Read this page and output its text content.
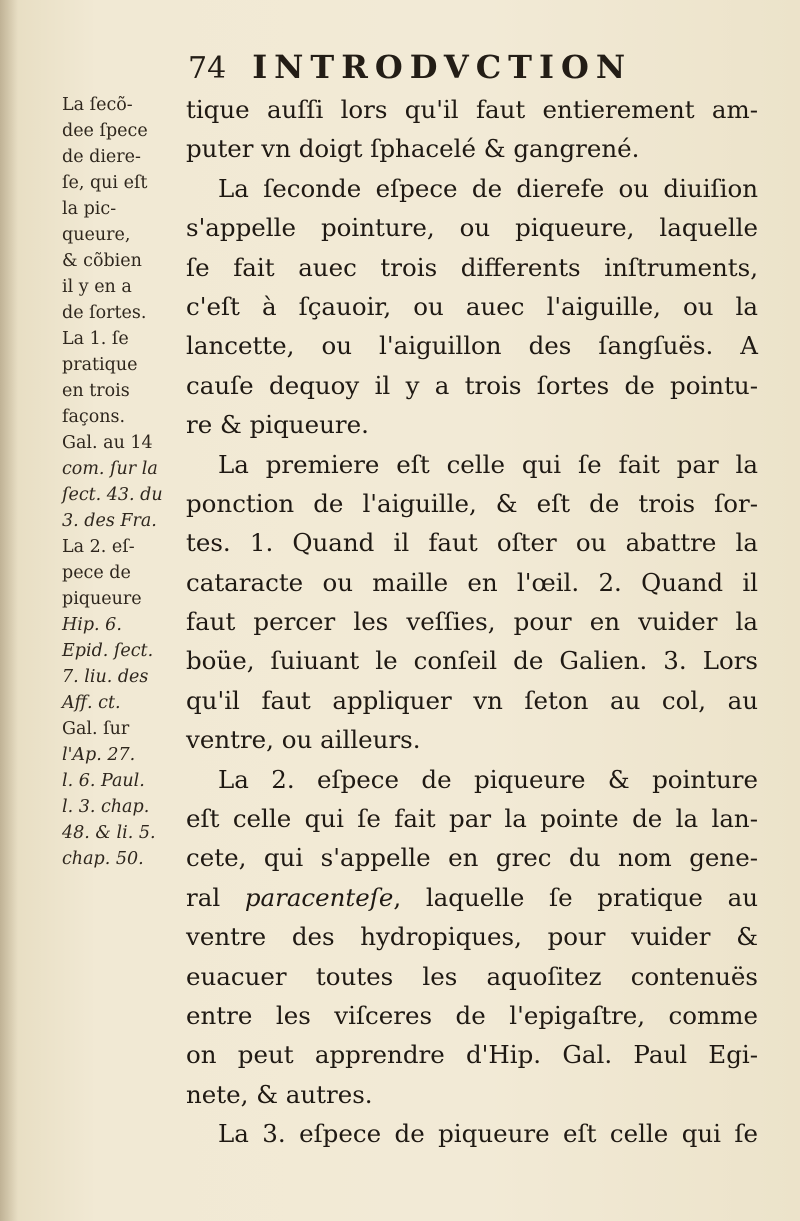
74 INTRODVCTION
La ſecõ-
dee ſpece
de diere-
ſe, qui eſt
la pic-
queure,
& cõbien
il y en a
de ſortes.
La 1. ſe
pratique
en trois
façons.
Gal. au 14
com. ſur la
ſect. 43. du
3. des Fra.
La 2. eſ-
pece de
piqueure
Hip. 6.
Epid. ſect.
7. liu. des
Aff. ct.
Gal. ſur
l'Ap. 27.
l. 6. Paul.
l. 3. chap.
48. & li. 5.
chap. 50.
tique auſſi lors qu'il faut entierement am-
puter vn doigt ſphacelé & gangrené.
La ſeconde eſpece de dierefe ou diuiſion
s'appelle pointure, ou piqueure, laquelle
ſe fait auec trois differents inſtruments,
c'eſt à ſçauoir, ou auec l'aiguille, ou la
lancette, ou l'aiguillon des ſangſuës. A
cauſe dequoy il y a trois ſortes de pointu-
re & piqueure.
La premiere eſt celle qui ſe fait par la
ponction de l'aiguille, & eſt de trois ſor-
tes. 1. Quand il faut oſter ou abattre la
cataracte ou maille en l'œil. 2. Quand il
faut percer les veſſies, pour en vuider la
boüe, ſuiuant le conſeil de Galien. 3. Lors
qu'il faut appliquer vn ſeton au col, au
ventre, ou ailleurs.
La 2. eſpece de piqueure & pointure
eſt celle qui ſe fait par la pointe de la lan-
cete, qui s'appelle en grec du nom gene-
ral paracenteſe, laquelle ſe pratique au
ventre des hydropiques, pour vuider &
euacuer toutes les aquoſitez contenuës
entre les viſceres de l'epigaſtre, comme
on peut apprendre d'Hip. Gal. Paul Egi-
nete, & autres.
La 3. eſpece de piqueure eſt celle qui ſe
